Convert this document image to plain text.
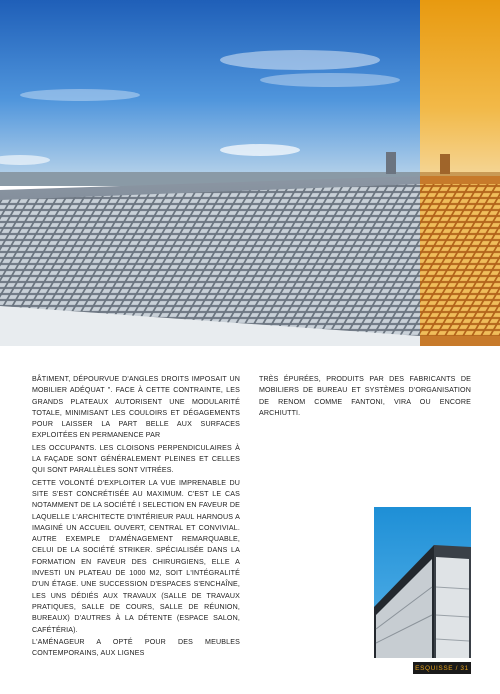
BÂTIMENT, DÉPOURVUE D'ANGLES DROITS IMPOSAIT UN MOBILIER ADÉQUAT ". FACE À CETTE CONTRAINTE, LES GRANDS PLATEAUX AUTORISENT UNE MODULARITÉ TOTALE, MINIMISANT LES COULOIRS ET DÉGAGEMENTS POUR LAISSER LA PART BELLE AUX SURFACES EXPLOITÉES EN PERMANENCE PAR

LES OCCUPANTS. LES CLOISONS PERPENDICULAIRES À LA FAÇADE SONT GÉNÉRALEMENT PLEINES ET CELLES QUI SONT PARALLÈLES SONT VITRÉES.

CETTE VOLONTÉ D'EXPLOITER LA VUE IMPRENABLE DU SITE S'EST CONCRÉTISÉE AU MAXIMUM. C'EST LE CAS NOTAMMENT DE LA SOCIÉTÉ I SELECTION EN FAVEUR DE LAQUELLE L'ARCHITECTE D'INTÉRIEUR PAUL HARNOUS A IMAGINÉ UN ACCUEIL OUVERT, CENTRAL ET CONVIVIAL. AUTRE EXEMPLE D'AMÉNAGEMENT REMARQUABLE, CELUI DE LA SOCIÉTÉ STRIKER. SPÉCIALISÉE DANS LA FORMATION EN FAVEUR DES CHIRURGIENS, ELLE A INVESTI UN PLATEAU DE 1000 M2, SOIT L'INTÉGRALITÉ D'UN ÉTAGE. UNE SUCCESSION D'ESPACES S'ENCHAÎNE, LES UNS DÉDIÉS AUX TRAVAUX (SALLE DE TRAVAUX PRATIQUES, SALLE DE COURS, SALLE DE RÉUNION, BUREAUX) D'AUTRES À LA DÉTENTE (ESPACE SALON, CAFÉTÉRIA).

L'AMÉNAGEUR A OPTÉ POUR DES MEUBLES CONTEMPORAINS, AUX LIGNES

TRÈS ÉPURÉES, PRODUITS PAR DES FABRICANTS DE MOBILIERS DE BUREAU ET SYSTÈMES D'ORGANISATION DE RENOM COMME FANTONI, VIRA OU ENCORE ARCHIUTTI.

ESQUISSE / 31
